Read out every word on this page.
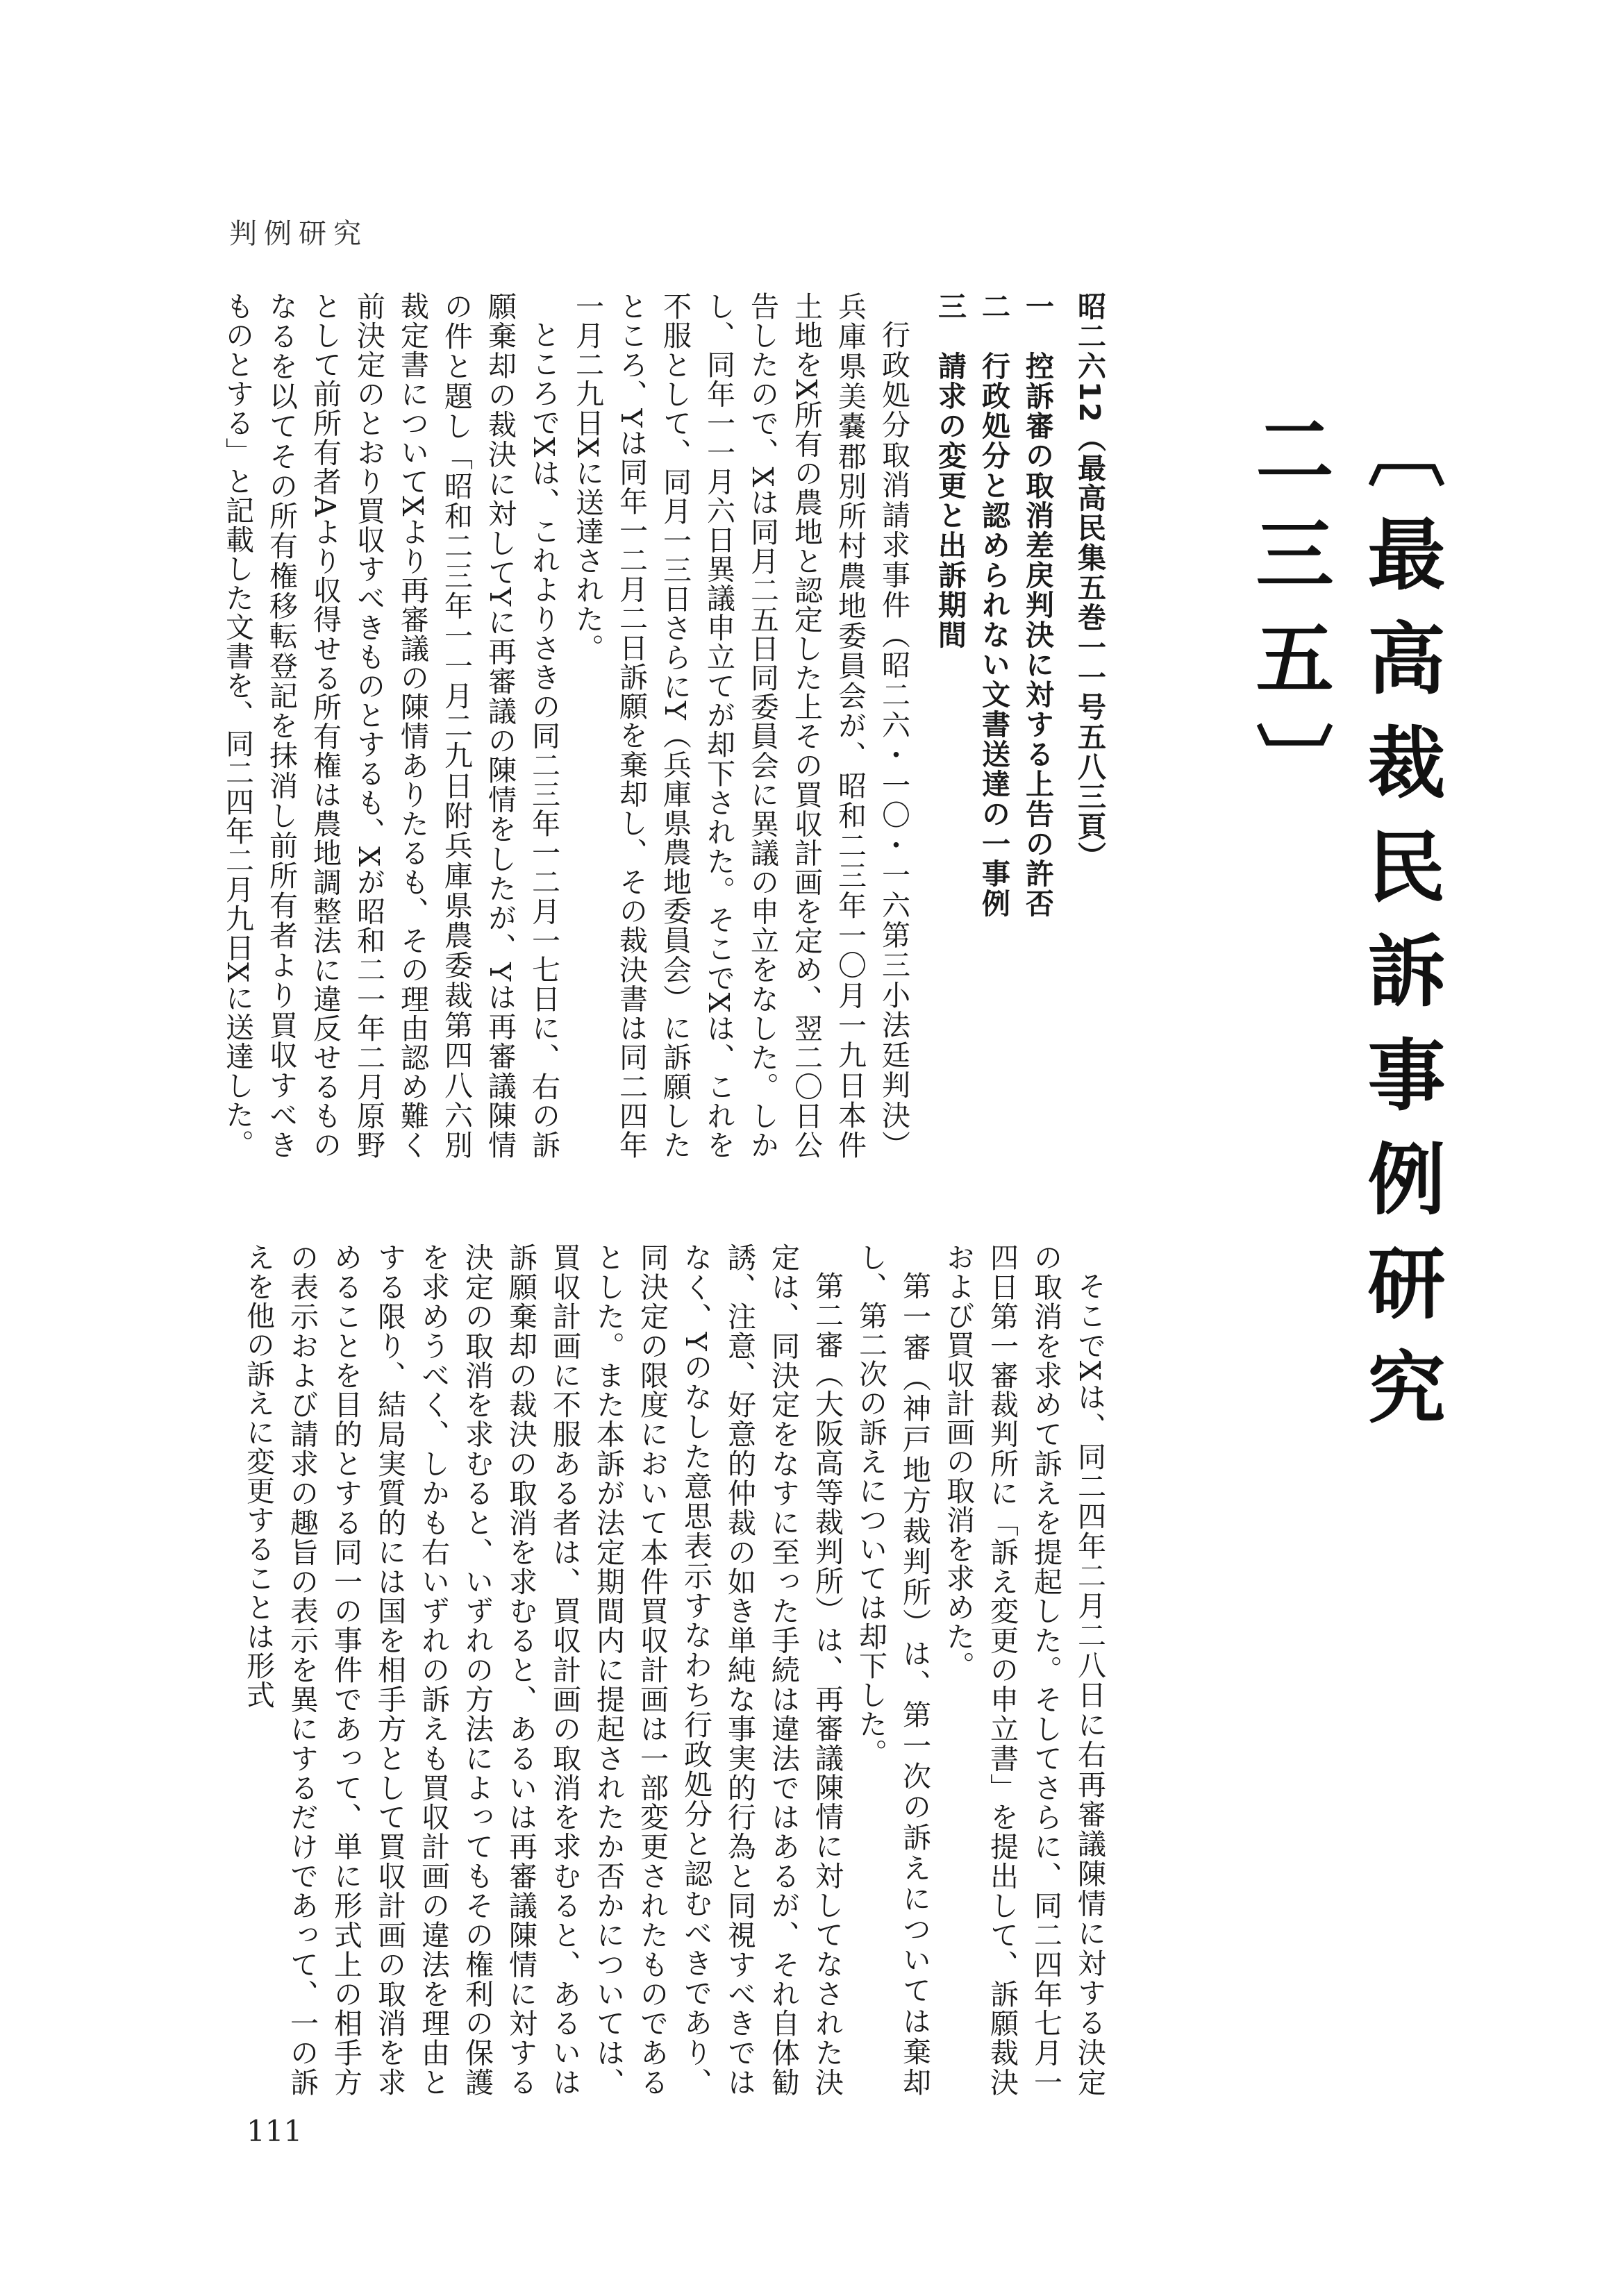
判例研究
〔最高裁民訴事例研究 二三五〕
昭二六12（最高民集五巻一一号五八三頁）
一　控訴審の取消差戻判決に対する上告の許否
二　行政処分と認められない文書送達の一事例
三　請求の変更と出訴期間

行政処分取消請求事件（昭二六・一〇・一六第三小法廷判決）兵庫県美嚢郡別所村農地委員会が、昭和二三年一〇月一九日本件土地をX所有の農地と認定した上その買収計画を定め、翌二〇日公告したので、Xは同月二五日同委員会に異議の申立をなした。しかし、同年一一月六日異議申立てが却下された。そこでXは、これを不服として、同月一三日さらにY（兵庫県農地委員会）に訴願したところ、Yは同年一二月二日訴願を棄却し、その裁決書は同二四年一月二九日Xに送達された。

ところでXは、これよりさきの同二三年一二月一七日に、右の訴願棄却の裁決に対してYに再審議の陳情をしたが、Yは再審議陳情の件と題し「昭和二三年一一月二九日附兵庫県農委裁第四八六別裁定書についてXより再審議の陳情ありたるも、その理由認め難く前決定のとおり買収すべきものとするも、Xが昭和二一年二月原野として前所有者Aより収得せる所有権は農地調整法に違反せるものなるを以てその所有権移転登記を抹消し前所有者より買収すべきものとする」と記載した文書を、同二四年二月九日Xに送達した。

そこでXは、同二四年二月二八日に右再審議陳情に対する決定の取消を求めて訴えを提起した。そしてさらに、同二四年七月一四日第一審裁判所に「訴え変更の申立書」を提出して、訴願裁決および買収計画の取消を求めた。

第一審（神戸地方裁判所）は、第一次の訴えについては棄却し、第二次の訴えについては却下した。

第二審（大阪高等裁判所）は、再審議陳情に対してなされた決定は、同決定をなすに至った手続は違法ではあるが、それ自体勧誘、注意、好意的仲裁の如き単純な事実的行為と同視すべきではなく、Yのなした意思表示すなわち行政処分と認むべきであり、同決定の限度において本件買収計画は一部変更されたものであるとした。また本訴が法定期間内に提起されたか否かについては、買収計画に不服ある者は、買収計画の取消を求むると、あるいは訴願棄却の裁決の取消を求むると、あるいは再審議陳情に対する決定の取消を求むると、いずれの方法によってもその権利の保護を求めうべく、しかも右いずれの訴えも買収計画の違法を理由とする限り、結局実質的には国を相手方として買収計画の取消を求めることを目的とする同一の事件であって、単に形式上の相手方の表示および請求の趣旨の表示を異にするだけであって、一の訴えを他の訴えに変更することは形式

111
